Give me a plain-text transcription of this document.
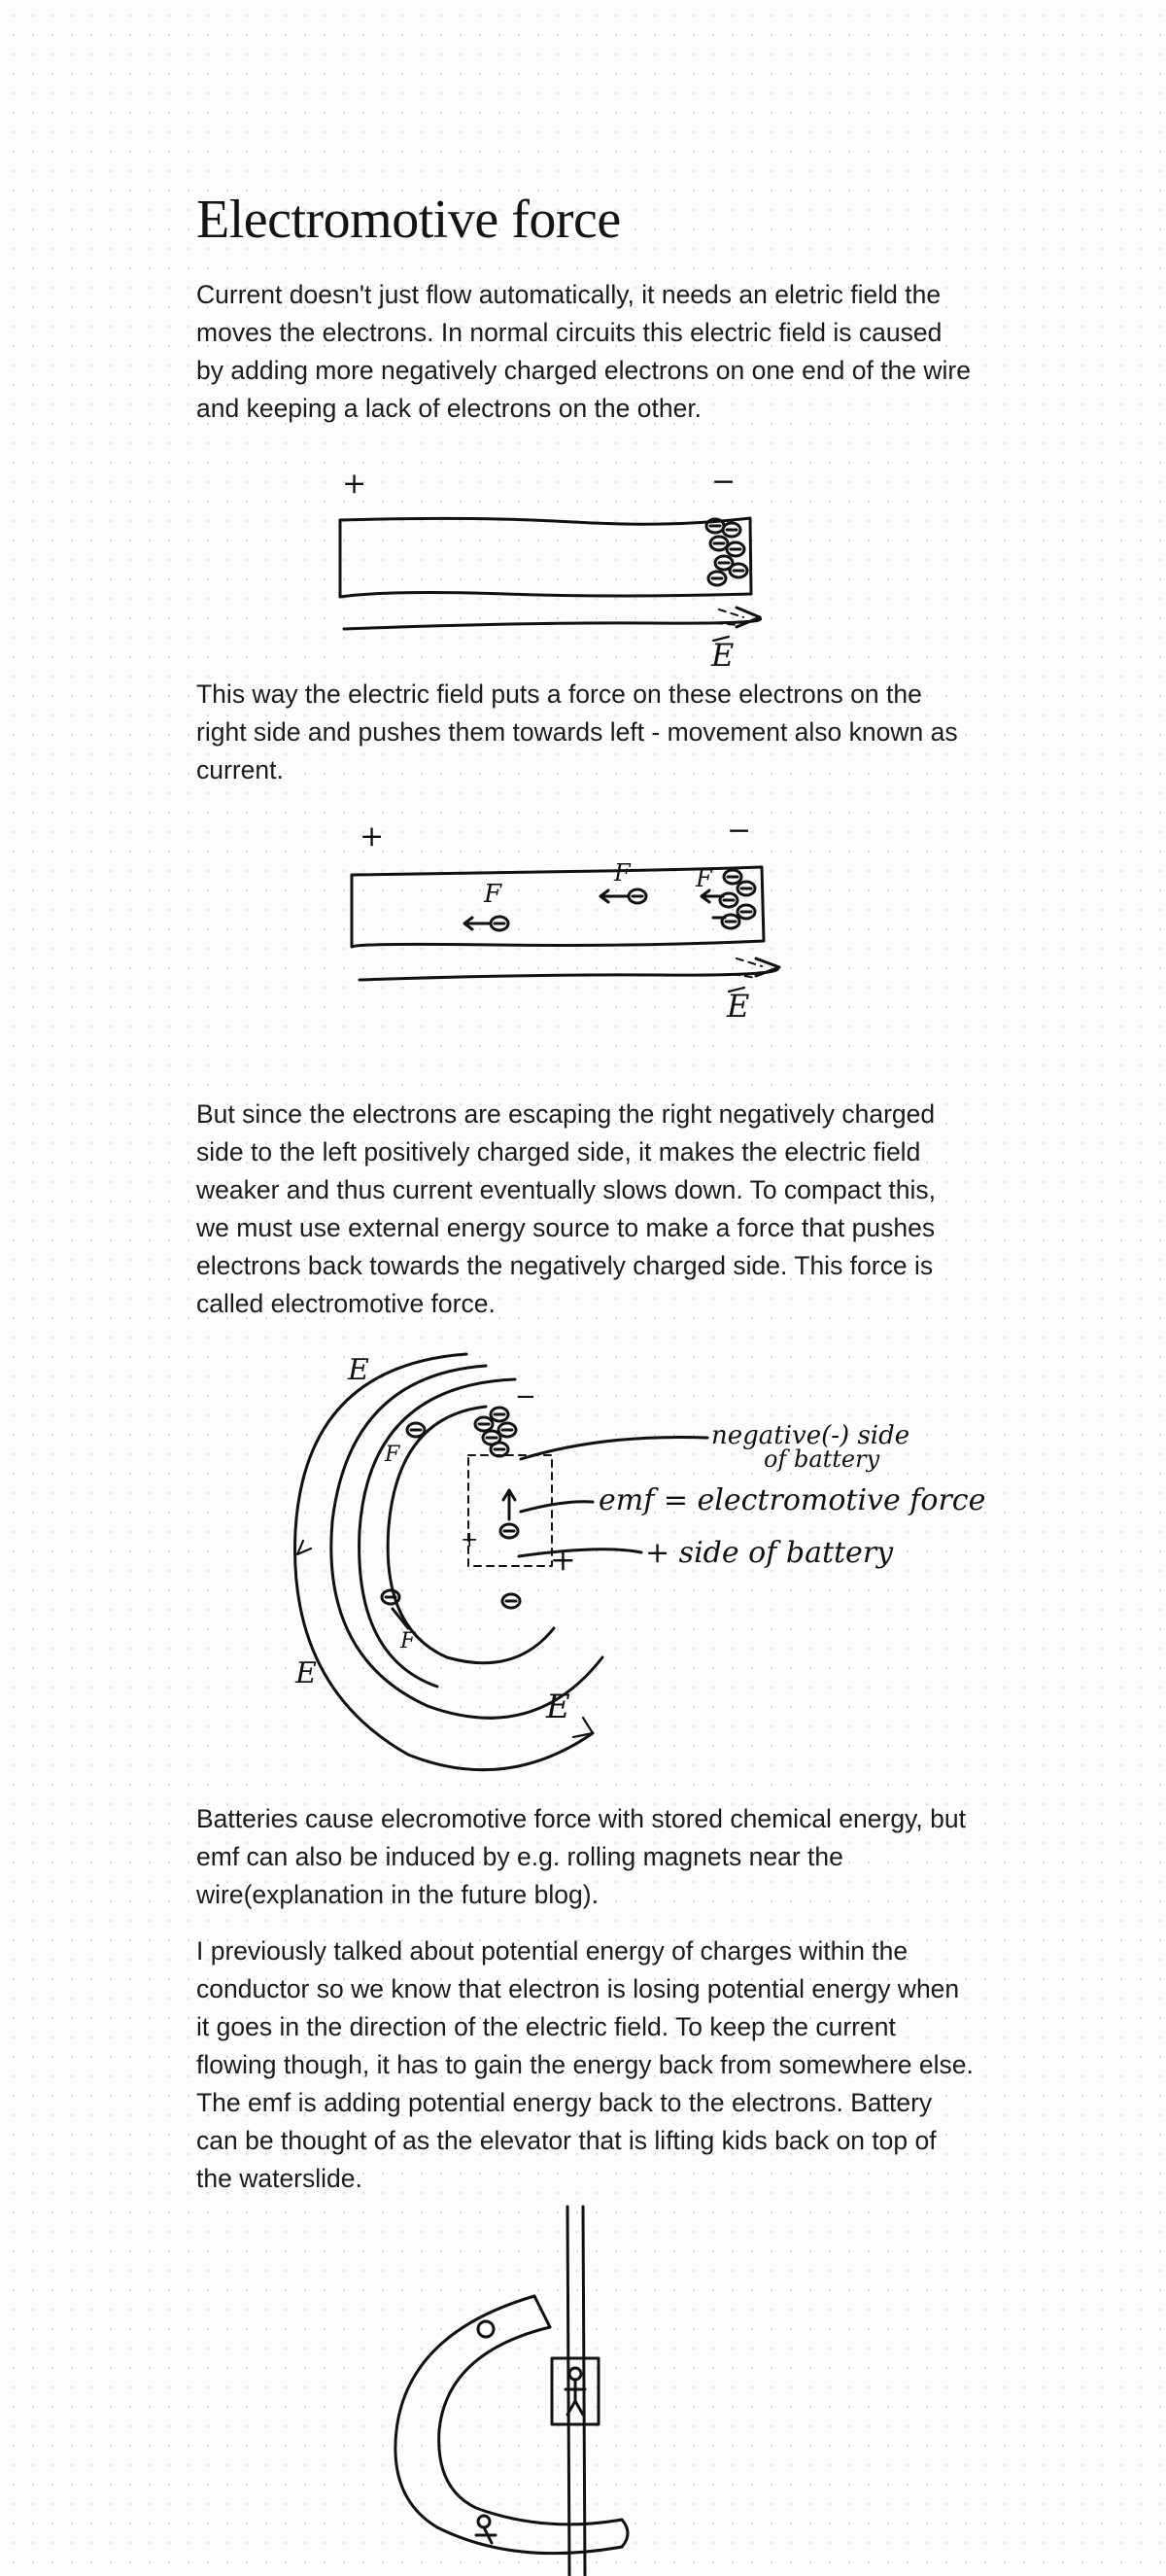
Electromotive force

Current doesn't just flow automatically, it needs an eletric field the moves the electrons. In normal circuits this electric field is caused by adding more negatively charged electrons on one end of the wire and keeping a lack of electrons on the other.

+	−
E

This way the electric field puts a force on these electrons on the right side and pushes them towards left - movement also known as current.

+	−
F
F	F
E

But since the electrons are escaping the right negatively charged side to the left positively charged side, it makes the electric field weaker and thus current eventually slows down. To compact this, we must use external energy source to make a force that pushes electrons back towards the negatively charged side. This force is called electromotive force.

−
+
+
F
F
E
E
E
negative(-) side
of battery
emf = electromotive force
+ side of battery

Batteries cause elecromotive force with stored chemical energy, but emf can also be induced by e.g. rolling magnets near the wire(explanation in the future blog).

I previously talked about potential energy of charges within the conductor so we know that electron is losing potential energy when it goes in the direction of the electric field. To keep the current flowing though, it has to gain the energy back from somewhere else. The emf is adding potential energy back to the electrons. Battery can be thought of as the elevator that is lifting kids back on top of the waterslide.
